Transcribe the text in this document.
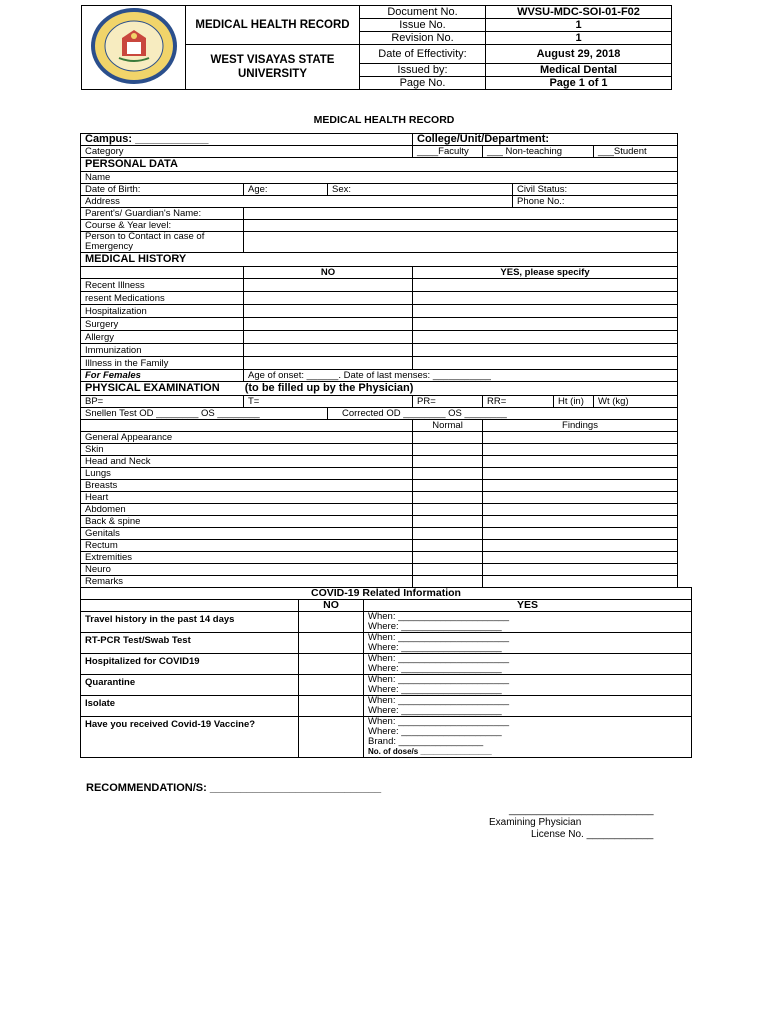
	MEDICAL HEALTH RECORD	Document No.	WVSU-MDC-SOI-01-F02
		Issue No.	1
		Revision No.	1
	WEST VISAYAS STATE UNIVERSITY	Date of Effectivity:	August 29, 2018
		Issued by:	Medical Dental
		Page No.	Page 1 of 1
MEDICAL HEALTH RECORD
Campus: ____________			College/Unit/Department:				
Category			____Faculty	___ Non-teaching			___Student
PERSONAL DATA							
Name							
Date of Birth:	Age:	Sex:			Civil Status:		
Address					Phone No.:		
Parent's/ Guardian's Name:							
Course & Year level:							
Person to Contact in case of Emergency							
MEDICAL HISTORY							
	NO		YES, please specify				
Recent Illness							
resent Medications							
Hospitalization							
Surgery							
Allergy							
Immunization							
Illness in the Family							
For Females	Age of onset: ______. Date of last menses: ___________						
PHYSICAL EXAMINATION (to be filled up by the Physician)							
BP=	T=		PR=	RR=		Ht (in)	Wt (kg)
Snellen Test OD ________ OS ________		Corrected OD ________ OS ________					
			Normal	Findings			
General Appearance							
Skin							
Head and Neck							
Lungs							
Breasts							
Heart							
Abdomen							
Back & spine							
Genitals							
Rectum							
Extremities							
Neuro							
Remarks							
COVID-19 Related Information		
	NO	YES
Travel history in the past 14 days		When: _____________________
Where: ___________________

RT-PCR Test/Swab Test		When: _____________________
Where: ___________________

Hospitalized for COVID19		When: _____________________
Where: ___________________

Quarantine		When: _____________________
Where: ___________________

Isolate		When: _____________________
Where: ___________________

Have you received Covid-19 Vaccine?		When: _____________________
Where: ___________________
Brand: ________________
No. of dose/s ________________
RECOMMENDATION/S: ____________________________
__________________________
Examining Physician
License No. ____________
